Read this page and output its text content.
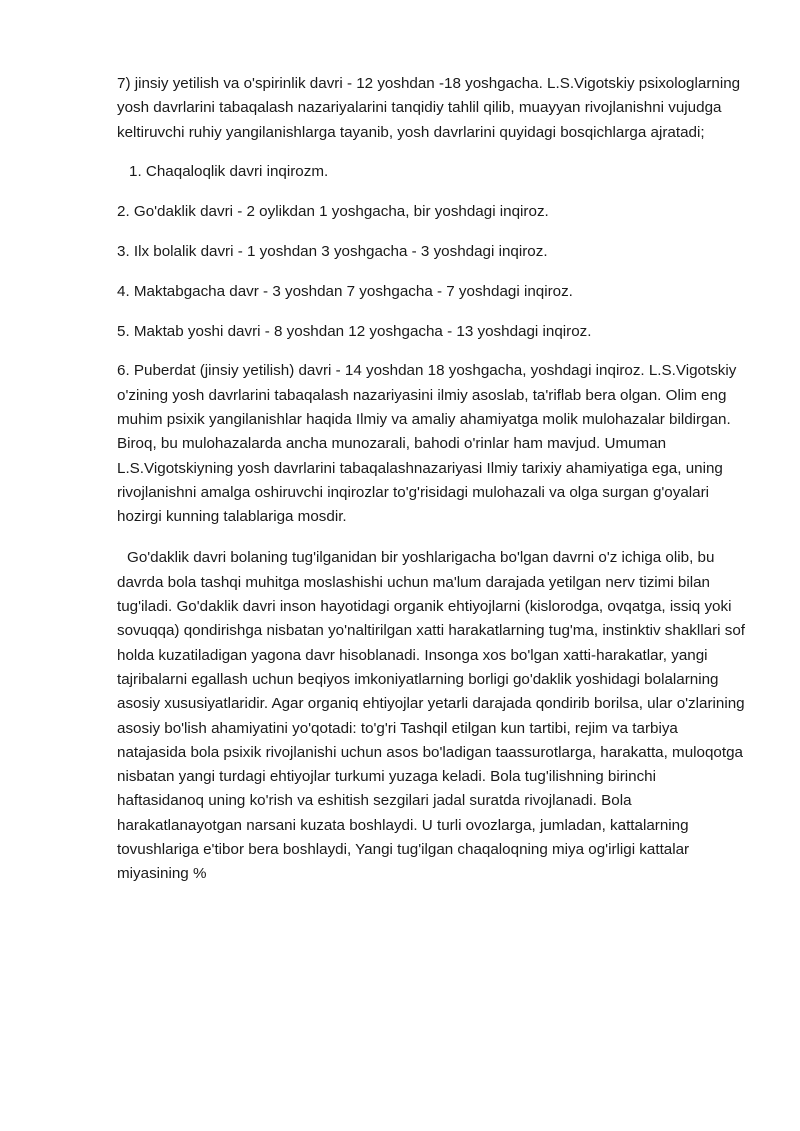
7) jinsiy yetilish va o'spirinlik davri - 12 yoshdan -18 yoshgacha. L.S.Vigotskiy psixologlarning yosh davrlarini tabaqalash nazariyalarini tanqidiy tahlil qilib, muayyan rivojlanishni vujudga keltiruvchi ruhiy yangilanishlarga tayanib, yosh davrlarini quyidagi bosqichlarga ajratadi;

1. Chaqaloqlik davri inqirozm.

2. Go'daklik davri - 2 oylikdan 1 yoshgacha, bir yoshdagi inqiroz.

3. Ilx bolalik davri - 1 yoshdan 3 yoshgacha - 3 yoshdagi inqiroz.

4. Maktabgacha davr - 3 yoshdan 7 yoshgacha - 7 yoshdagi inqiroz.

5. Maktab yoshi davri - 8 yoshdan 12 yoshgacha - 13 yoshdagi inqiroz.

6. Puberdat (jinsiy yetilish) davri - 14 yoshdan 18 yoshgacha, yoshdagi inqiroz. L.S.Vigotskiy o'zining yosh davrlarini tabaqalash nazariyasini ilmiy asoslab, ta'riflab bera olgan. Olim eng muhim psixik yangilanishlar haqida Ilmiy va amaliy ahamiyatga molik mulohazalar bildirgan. Biroq, bu mulohazalarda ancha munozarali, bahodi o'rinlar ham mavjud. Umuman L.S.Vigotskiyning yosh davrlarini tabaqalashnazariyasi Ilmiy tarixiy ahamiyatiga ega, uning rivojlanishni amalga oshiruvchi inqirozlar to'g'risidagi mulohazali va olga surgan g'oyalari hozirgi kunning talablariga mosdir.

Go'daklik davri bolaning tug'ilganidan bir yoshlarigacha bo'lgan davrni o'z ichiga olib, bu davrda bola tashqi muhitga moslashishi uchun ma'lum darajada yetilgan nerv tizimi bilan tug'iladi. Go'daklik davri inson hayotidagi organik ehtiyojlarni (kislorodga, ovqatga, issiq yoki sovuqqa) qondirishga nisbatan yo'naltirilgan xatti harakatlarning tug'ma, instinktiv shakllari sof holda kuzatiladigan yagona davr hisoblanadi. Insonga xos bo'lgan xatti-harakatlar, yangi tajribalarni egallash uchun beqiyos imkoniyatlarning borligi go'daklik yoshidagi bolalarning asosiy xususiyatlaridir. Agar organiq ehtiyojlar yetarli darajada qondirib borilsa, ular o'zlarining asosiy bo'lish ahamiyatini yo'qotadi: to'g'ri Tashqil etilgan kun tartibi, rejim va tarbiya natajasida bola psixik rivojlanishi uchun asos bo'ladigan taassurotlarga, harakatta, muloqotga nisbatan yangi turdagi ehtiyojlar turkumi yuzaga keladi. Bola tug'ilishning birinchi haftasidanoq uning ko'rish va eshitish sezgilari jadal suratda rivojlanadi. Bola harakatlanayotgan narsani kuzata boshlaydi. U turli ovozlarga, jumladan, kattalarning tovushlariga e'tibor bera boshlaydi, Yangi tug'ilgan chaqaloqning miya og'irligi kattalar miyasining %
